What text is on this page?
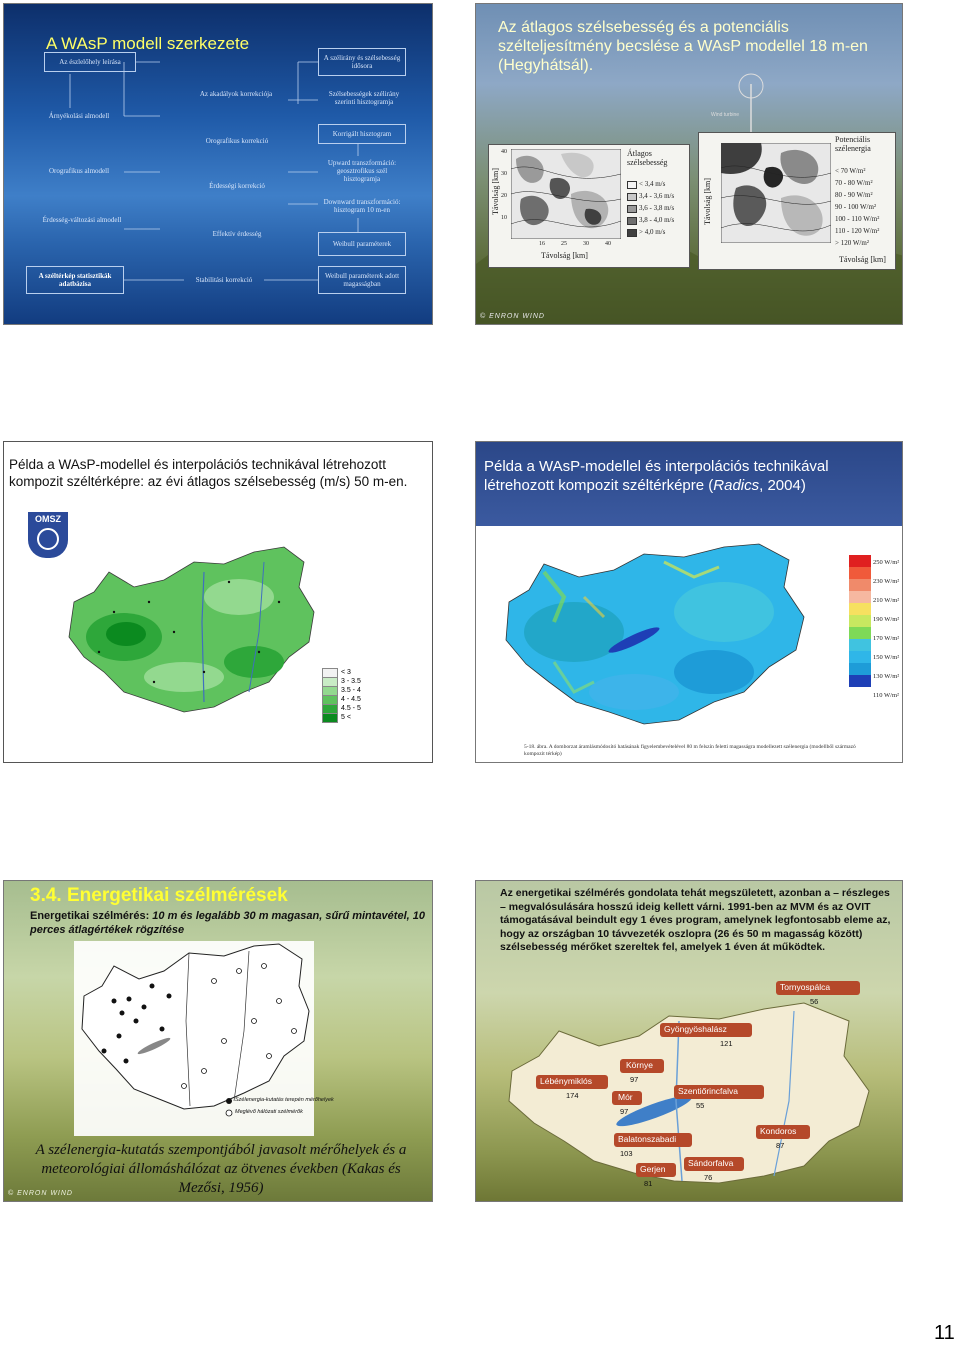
A WAsP modell szerkezete
Az észlelőhely leírása
A szélirány és szélsebesség idősora
Az akadályok korrekciója	Szélsebességek szélirány szerinti hisztogramja
Árnyékolási almodell
Orografikus korrekció
Korrigált hisztogram
Orografikus almodell
Upward transzformáció: geosztrofikus szél hisztogramja
Érdességi korrekció
Downward transzformáció: hisztogram 10 m-en
Érdesség-változási almodell
Effektív érdesség
Weibull paraméterek
A széltérkép statisztikák adatbázisa	Stabilitási korrekció
Weibull paraméterek adott magasságban
Wind turbine
Az átlagos szélsebesség és a potenciális szélteljesítmény becslése a WAsP modellel 18 m-en (Hegyhátsál).
Távolság [km]
Távolság [km]
16	25	30	40
40
30
20
10
Átlagos szélsebesség
< 3,4 m/s
3,4 - 3,6 m/s
3,6 - 3,8 m/s
3,8 - 4,0 m/s
> 4,0 m/s
Távolság [km]
Távolság [km]
Potenciális szélenergia
< 70 W/m²
70 - 80 W/m²
80 - 90 W/m²
90 - 100 W/m²
100 - 110 W/m²
110 - 120 W/m²
> 120 W/m²
© ENRON WIND
Példa a WAsP-modellel és interpolációs technikával létrehozott kompozit széltérképre: az évi átlagos szélsebesség (m/s) 50 m-en.
OMSZ
< 3
3 - 3.5
3.5 - 4
4 - 4.5
4.5 - 5
5 <
Példa a WAsP-modellel és interpolációs technikával létrehozott kompozit széltérképre (Radics, 2004)
250 W/m²
230 W/m²
210 W/m²
190 W/m²
170 W/m²
150 W/m²
130 W/m²
110 W/m²
5-18. ábra. A domborzat áramlásmódosító hatásának figyelembevételével 80 m felszín feletti magasságra modellezett szélenergia (modellből származó kompozit térkép)
3.4. Energetikai szélmérések
Energetikai szélmérés: 10 m és legalább 30 m magasan, sűrű mintavétel, 10 perces átlagértékek rögzítése
Szélenergia-kutatás terepén mérőhelyek
Meglévő hálózati szélmérők
A szélenergia-kutatás szempontjából javasolt mérőhelyek és a meteorológiai állomáshálózat az ötvenes években (Kakas és Mezősi, 1956)
© ENRON WIND
Az energetikai szélmérés gondolata tehát megszületett, azonban a – részleges – megvalósulására hosszú ideig kellett várni. 1991-ben az MVM és az OVIT támogatásával beindult egy 1 éves program, amelynek legfontosabb eleme az, hogy az országban 10 távvezeték oszlopra (26 és 50 m magasság között) szélsebesség mérőket szereltek fel, amelyek 1 éven át működtek.
Tornyospálca
56
Gyöngyöshalász
121
Környe
97
Szentiőrincfalva
55
Lébénymiklós
174	Mór
97
Kondoros
87
Balatonszabadi
103
Sándorfalva
76
Gerjen
81
11
